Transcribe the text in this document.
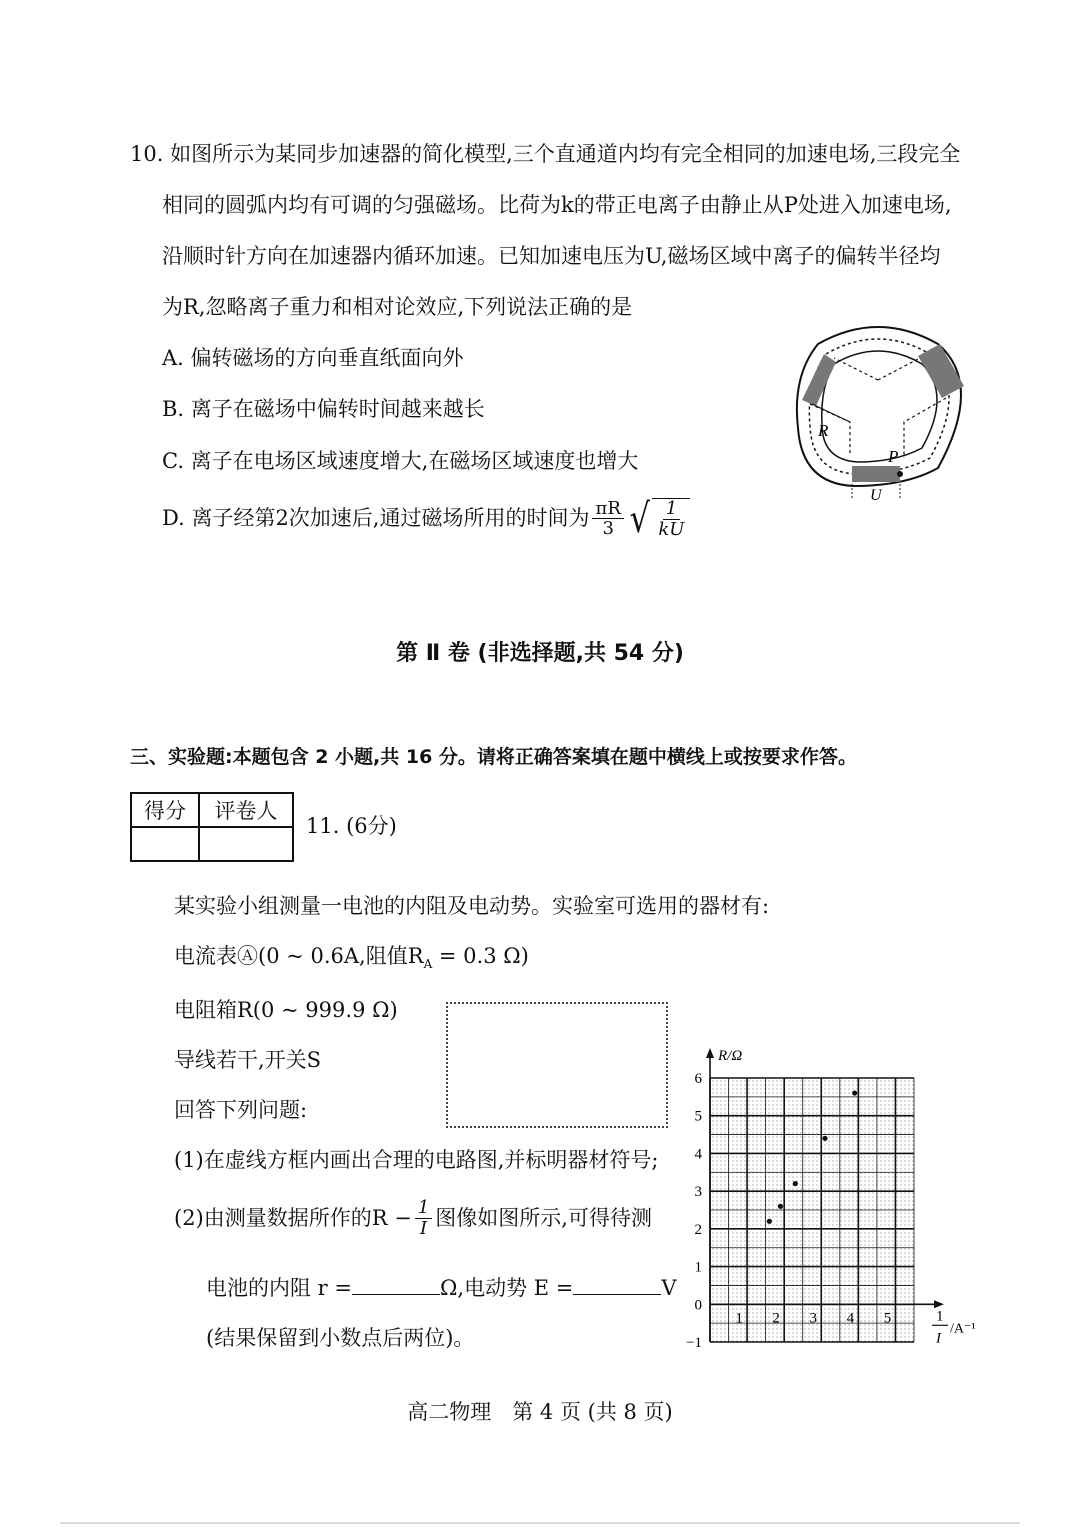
10. 如图所示为某同步加速器的简化模型,三个直通道内均有完全相同的加速电场,三段完全
相同的圆弧内均有可调的匀强磁场。比荷为k的带正电离子由静止从P处进入加速电场,
沿顺时针方向在加速器内循环加速。已知加速电压为U,磁场区域中离子的偏转半径均
为R,忽略离子重力和相对论效应,下列说法正确的是
A. 偏转磁场的方向垂直纸面向外
B. 离子在磁场中偏转时间越来越长
C. 离子在电场区域速度增大,在磁场区域速度也增大
D. 离子经第2次加速后,通过磁场所用的时间为 $\frac{\pi R}{3}$ √ $\frac{1}{kU}$
R
P
U
第 Ⅱ 卷 (非选择题,共 54 分)
三、实验题:本题包含 2 小题,共 16 分。请将正确答案填在题中横线上或按要求作答。
得分	评卷人

11. (6分)
某实验小组测量一电池的内阻及电动势。实验室可选用的器材有:
电流表Ⓐ(0 ~ 0.6A,阻值$R_A = 0.3$ Ω)
电阻箱R(0 ~ 999.9 Ω)
导线若干,开关S
回答下列问题:
(1)在虚线方框内画出合理的电路图,并标明器材符号;
(2)由测量数据所作的$R - \frac{1}{I}$ 图像如图所示,可得待测
电池的内阻 r =	Ω,电动势 E =	V
(结果保留到小数点后两位)。
6
5
4
3
2
1
0
−1
1 2 3 4 5
R/Ω
1
I
/A⁻¹
高二物理　第 4 页 (共 8 页)
